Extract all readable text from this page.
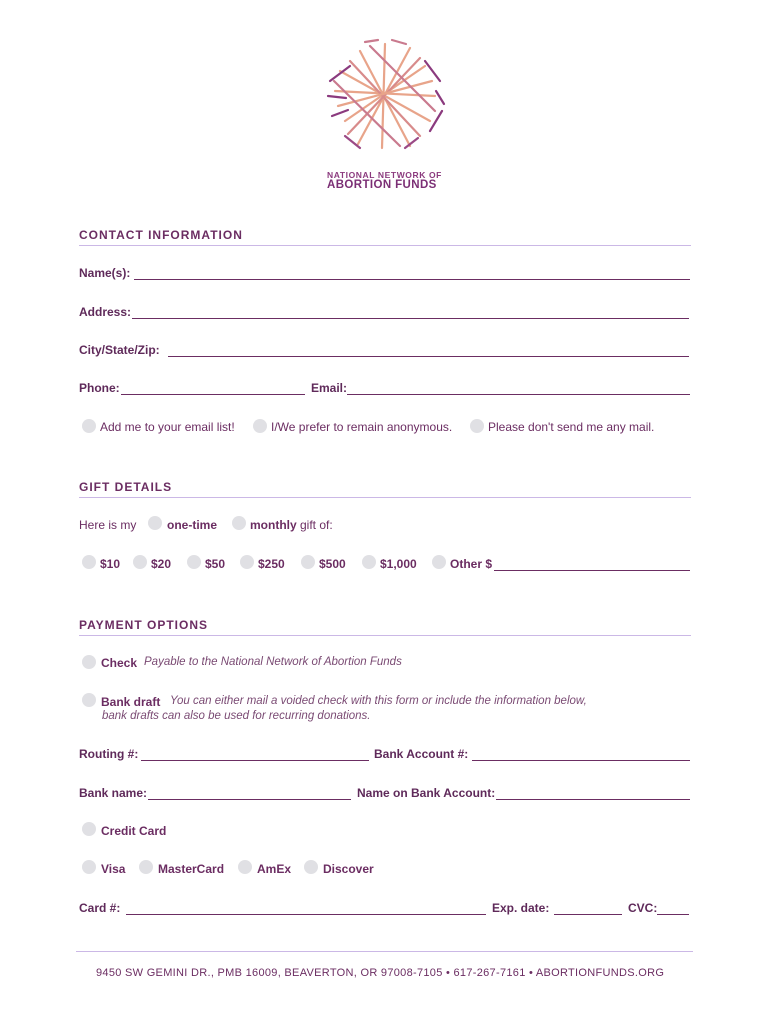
NATIONAL NETWORK OF
ABORTION FUNDS
CONTACT INFORMATION
Name(s):
Address:
City/State/Zip:
Phone:	Email:
Add me to your email list!	I/We prefer to remain anonymous.	Please don't send me any mail.
GIFT DETAILS
Here is my	one-time	monthly gift of:
$10	$20	$50	$250	$500	$1,000	Other $
PAYMENT OPTIONS
Check Payable to the National Network of Abortion Funds
Bank draft You can either mail a voided check with this form or include the information below,
bank drafts can also be used for recurring donations.
Routing #:	Bank Account #:
Bank name:	Name on Bank Account:
Credit Card
Visa	MasterCard	AmEx	Discover
Card #:	Exp. date:	CVC:
9450 SW GEMINI DR., PMB 16009, BEAVERTON, OR 97008-7105 • 617-267-7161 • ABORTIONFUNDS.ORG
